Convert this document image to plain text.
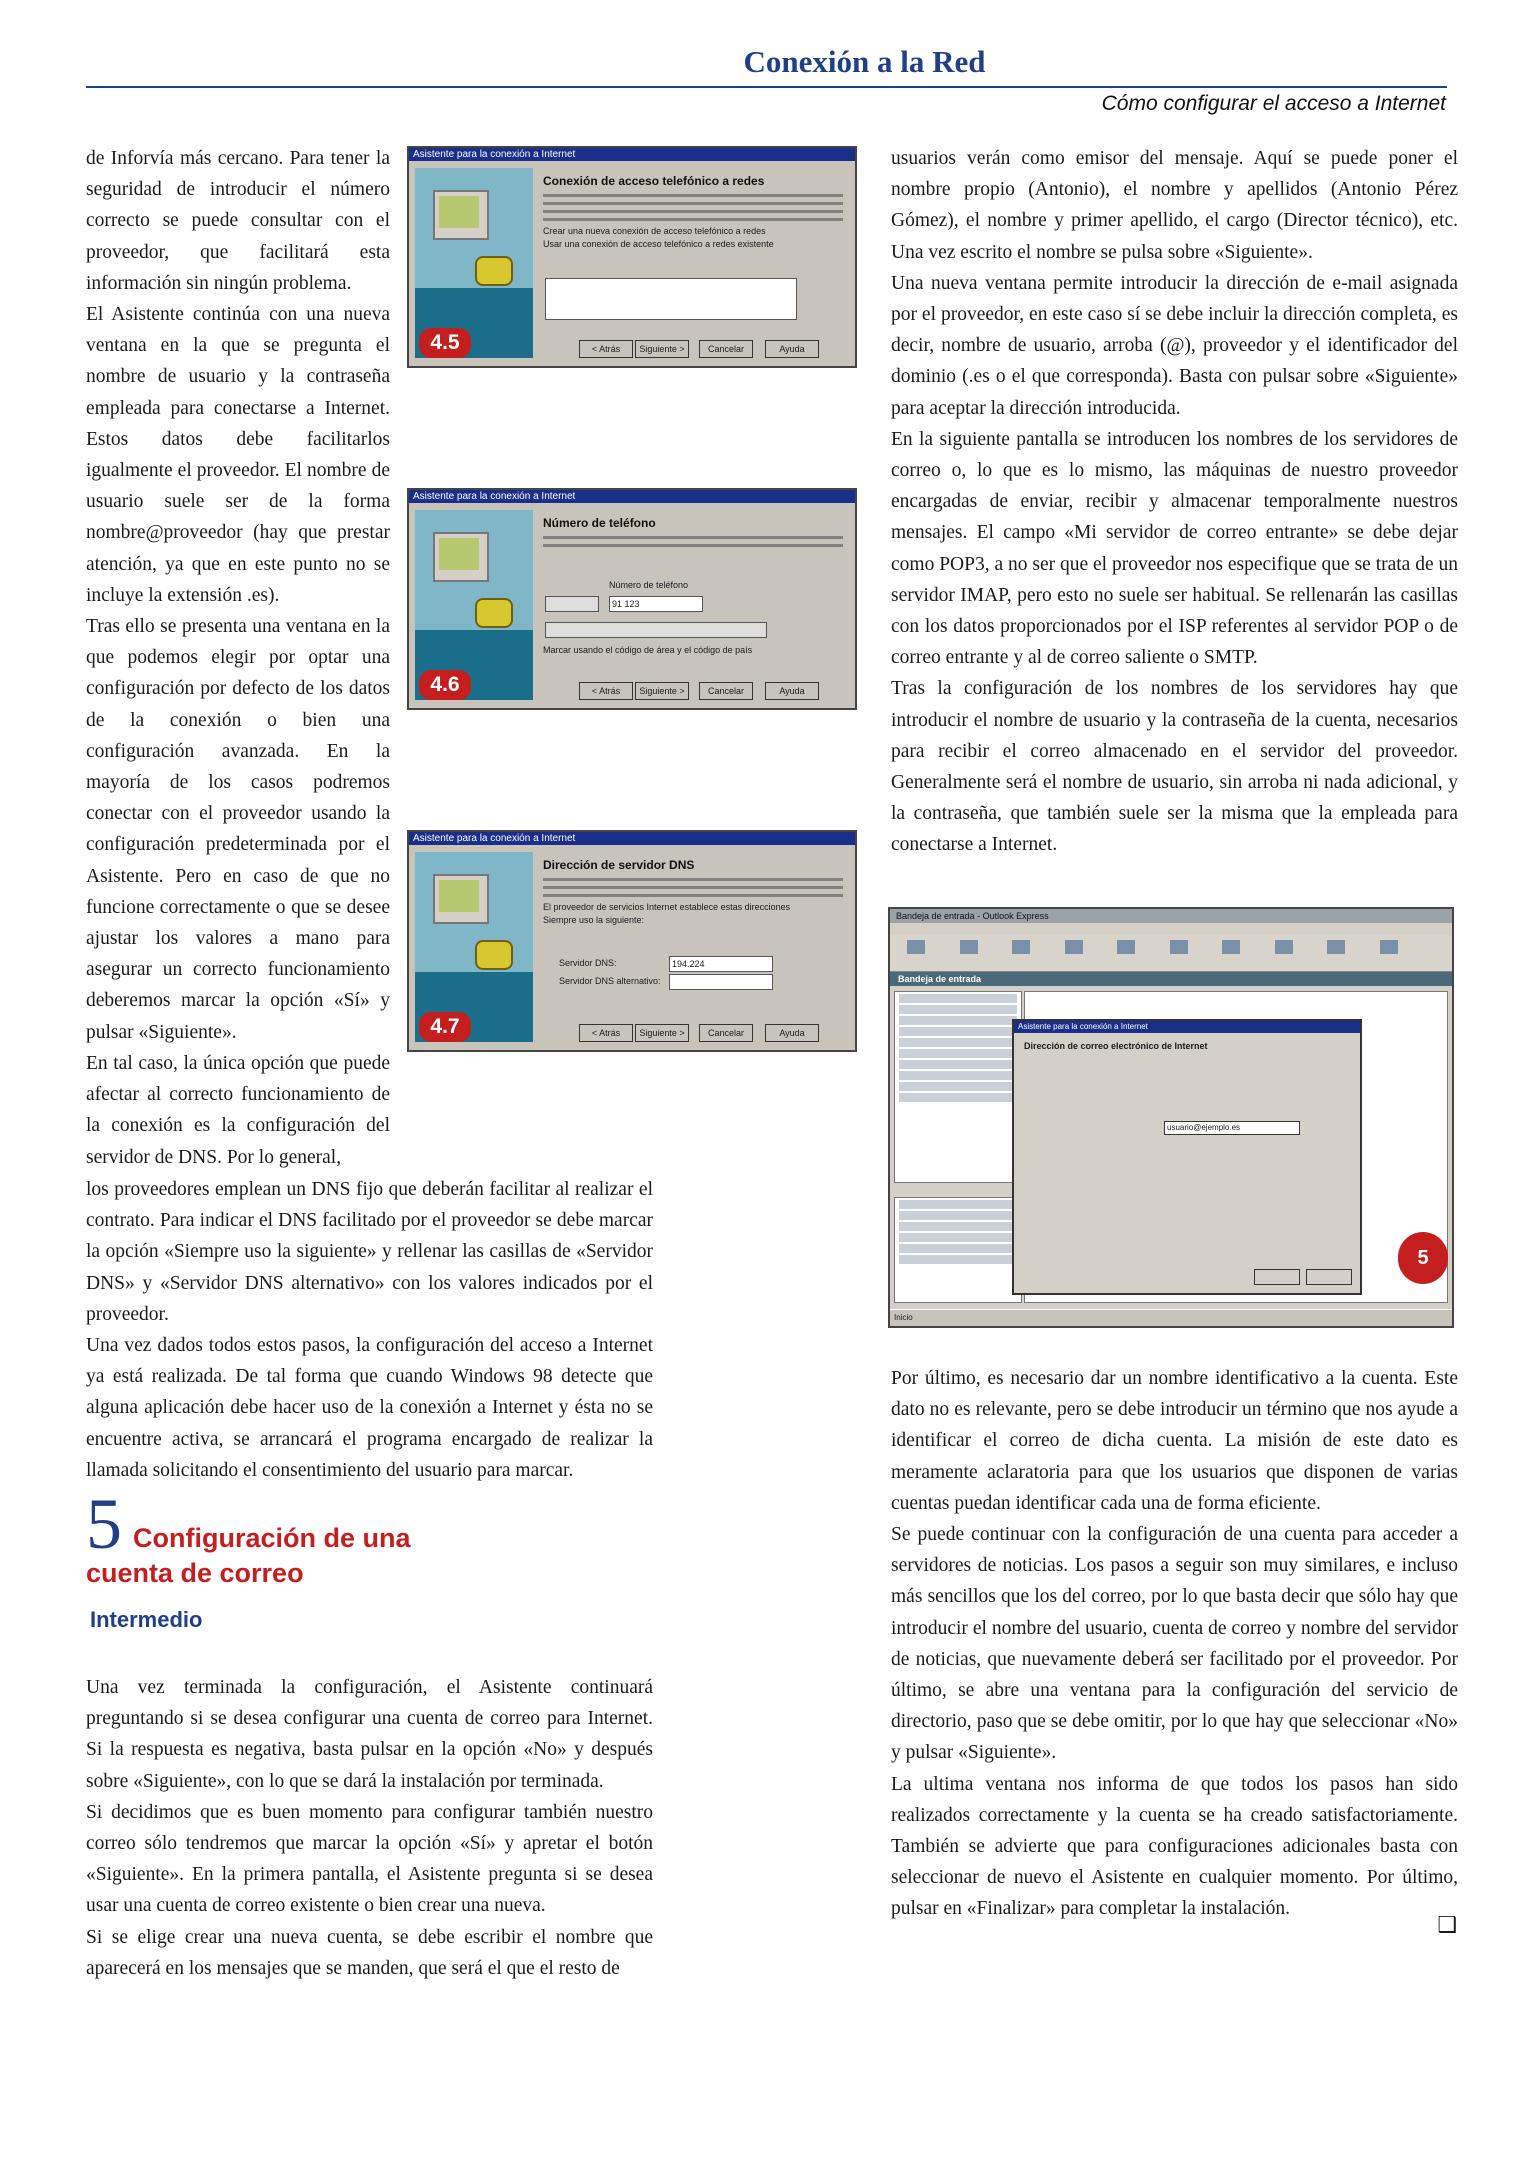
Conexión a la Red
Cómo configurar el acceso a Internet

de Inforvía más cercano. Para tener la seguridad de introducir el número correcto se puede consultar con el proveedor, que facilitará esta información sin ningún problema.

El Asistente continúa con una nueva ventana en la que se pregunta el nombre de usuario y la contraseña empleada para conectarse a Internet. Estos datos debe facilitarlos igualmente el proveedor. El nombre de usuario suele ser de la forma nombre@proveedor (hay que prestar atención, ya que en este punto no se incluye la extensión .es).

Tras ello se presenta una ventana en la que podemos elegir por optar una configuración por defecto de los datos de la conexión o bien una configuración avanzada. En la mayoría de los casos podremos conectar con el proveedor usando la configuración predeterminada por el Asistente. Pero en caso de que no funcione correctamente o que se desee ajustar los valores a mano para asegurar un correcto funcionamiento deberemos marcar la opción «Sí» y pulsar «Siguiente».

En tal caso, la única opción que puede afectar al correcto funcionamiento de la conexión es la configuración del servidor de DNS. Por lo general,

Asistente para la conexión a Internet
Conexión de acceso telefónico a redes
Crear una nueva conexión de acceso telefónico a redes
Usar una conexión de acceso telefónico a redes existente
4.5	< Atrás	Siguiente >	Cancelar	Ayuda
Asistente para la conexión a Internet
Número de teléfono
Número de teléfono
91 123
Marcar usando el código de área y el código de país
4.6	< Atrás	Siguiente >	Cancelar	Ayuda
Asistente para la conexión a Internet
Dirección de servidor DNS
El proveedor de servicios Internet establece estas direcciones
Siempre uso la siguiente:
Servidor DNS:	194.224
Servidor DNS alternativo:
4.7	< Atrás	Siguiente >	Cancelar	Ayuda

los proveedores emplean un DNS fijo que deberán facilitar al realizar el contrato. Para indicar el DNS facilitado por el proveedor se debe marcar la opción «Siempre uso la siguiente» y rellenar las casillas de «Servidor DNS» y «Servidor DNS alternativo» con los valores indicados por el proveedor.

Una vez dados todos estos pasos, la configuración del acceso a Internet ya está realizada. De tal forma que cuando Windows 98 detecte que alguna aplicación debe hacer uso de la conexión a Internet y ésta no se encuentre activa, se arrancará el programa encargado de realizar la llamada solicitando el consentimiento del usuario para marcar.

5 Configuración de una
cuenta de correo
Intermedio

Una vez terminada la configuración, el Asistente continuará preguntando si se desea configurar una cuenta de correo para Internet. Si la respuesta es negativa, basta pulsar en la opción «No» y después sobre «Siguiente», con lo que se dará la instalación por terminada.

Si decidimos que es buen momento para configurar también nuestro correo sólo tendremos que marcar la opción «Sí» y apretar el botón «Siguiente». En la primera pantalla, el Asistente pregunta si se desea usar una cuenta de correo existente o bien crear una nueva.

Si se elige crear una nueva cuenta, se debe escribir el nombre que aparecerá en los mensajes que se manden, que será el que el resto de

usuarios verán como emisor del mensaje. Aquí se puede poner el nombre propio (Antonio), el nombre y apellidos (Antonio Pérez Gómez), el nombre y primer apellido, el cargo (Director técnico), etc. Una vez escrito el nombre se pulsa sobre «Siguiente».

Una nueva ventana permite introducir la dirección de e-mail asignada por el proveedor, en este caso sí se debe incluir la dirección completa, es decir, nombre de usuario, arroba (@), proveedor y el identificador del dominio (.es o el que corresponda). Basta con pulsar sobre «Siguiente» para aceptar la dirección introducida.

En la siguiente pantalla se introducen los nombres de los servidores de correo o, lo que es lo mismo, las máquinas de nuestro proveedor encargadas de enviar, recibir y almacenar temporalmente nuestros mensajes. El campo «Mi servidor de correo entrante» se debe dejar como POP3, a no ser que el proveedor nos especifique que se trata de un servidor IMAP, pero esto no suele ser habitual. Se rellenarán las casillas con los datos proporcionados por el ISP referentes al servidor POP o de correo entrante y al de correo saliente o SMTP.

Tras la configuración de los nombres de los servidores hay que introducir el nombre de usuario y la contraseña de la cuenta, necesarios para recibir el correo almacenado en el servidor del proveedor. Generalmente será el nombre de usuario, sin arroba ni nada adicional, y la contraseña, que también suele ser la misma que la empleada para conectarse a Internet.

Bandeja de entrada - Outlook Express

Bandeja de entrada
Asistente para la conexión a Internet
Dirección de correo electrónico de Internet
usuario@ejemplo.es
5
Inicio

Por último, es necesario dar un nombre identificativo a la cuenta. Este dato no es relevante, pero se debe introducir un término que nos ayude a identificar el correo de dicha cuenta. La misión de este dato es meramente aclaratoria para que los usuarios que disponen de varias cuentas puedan identificar cada una de forma eficiente.

Se puede continuar con la configuración de una cuenta para acceder a servidores de noticias. Los pasos a seguir son muy similares, e incluso más sencillos que los del correo, por lo que basta decir que sólo hay que introducir el nombre del usuario, cuenta de correo y nombre del servidor de noticias, que nuevamente deberá ser facilitado por el proveedor. Por último, se abre una ventana para la configuración del servicio de directorio, paso que se debe omitir, por lo que hay que seleccionar «No» y pulsar «Siguiente».

La ultima ventana nos informa de que todos los pasos han sido realizados correctamente y la cuenta se ha creado satisfactoriamente. También se advierte que para configuraciones adicionales basta con seleccionar de nuevo el Asistente en cualquier momento. Por último, pulsar en «Finalizar» para completar la instalación.

❑
